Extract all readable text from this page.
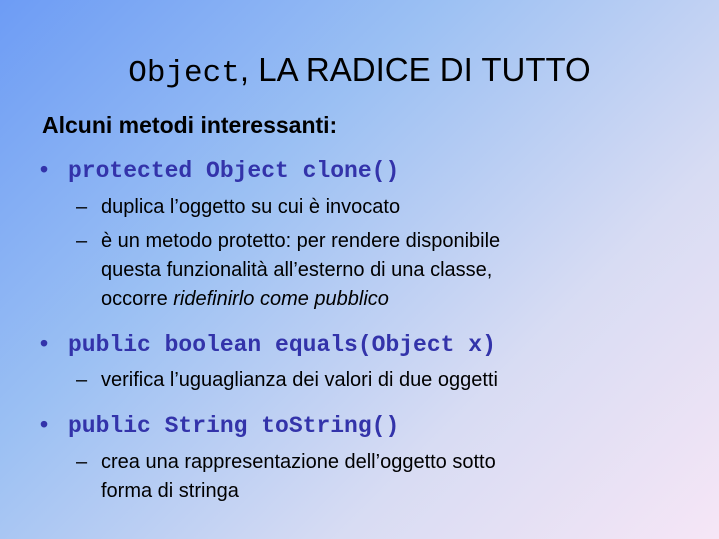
Object, LA RADICE DI TUTTO
Alcuni metodi interessanti:
• protected Object clone()
– duplica l’oggetto su cui è invocato
– è un metodo protetto: per rendere disponibile
questa funzionalità all’esterno di una classe,
occorre ridefinirlo come pubblico
• public boolean equals(Object x)
– verifica l’uguaglianza dei valori di due oggetti
• public String toString()
– crea una rappresentazione dell’oggetto sotto
forma di stringa
